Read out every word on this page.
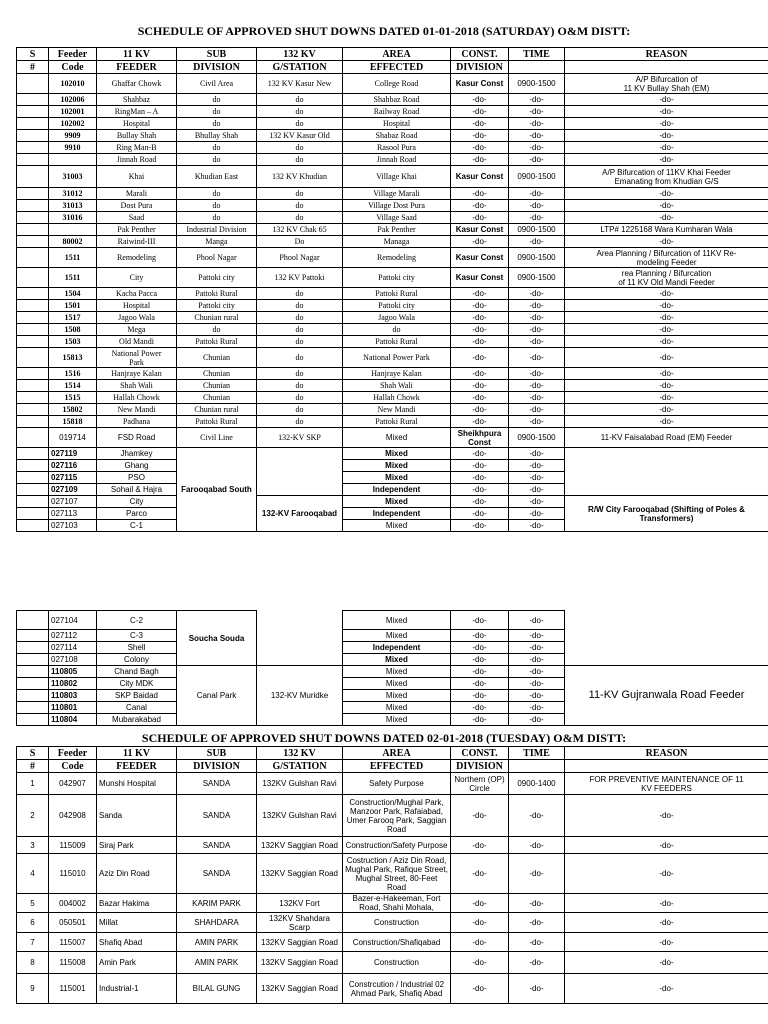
SCHEDULE OF APPROVED SHUT DOWNS DATED 01-01-2018 (SATURDAY) O&M DISTT:
S	Feeder	11 KV	SUB	132 KV	AREA	CONST.	TIME	REASON
#	Code	FEEDER	DIVISION	G/STATION	EFFECTED	DIVISION		
	102010	Ghaffar Chowk	Civil Area	132 KV Kasur New	College Road	Kasur Const	0900-1500	A/P Bifurcation of
11 KV Bullay Shah (EM)
	102006	Shahbaz	do	do	Shahbaz Road	-do-	-do-	-do-
	102001	RingMan – A	do	do	Railway Road	-do-	-do-	-do-
	102002	Hospital	do	do	Hospital	-do-	-do-	-do-
	9909	Bullay Shah	Bhullay Shah	132 KV Kasur Old	Shabaz Road	-do-	-do-	-do-
	9910	Ring Man-B	do	do	Rasool Pura	-do-	-do-	-do-
		Jinnah Road	do	do	Jinnah Road	-do-	-do-	-do-
	31003	Khai	Khudian East	132 KV Khudian	Village Khai	Kasur Const	0900-1500	A/P Bifurcation of 11KV Khai Feeder
Emanating from Khudian G/S
	31012	Marali	do	do	Village Marali	-do-	-do-	-do-
	31013	Dost Pura	do	do	Village Dost Pura	-do-	-do-	-do-
	31016	Saad	do	do	Village Saad	-do-	-do-	-do-
		Pak Penther	Industrial Division	132 KV Chak 65	Pak Penther	Kasur Const	0900-1500	LTP# 1225168 Wara Kumharan Wala
	80002	Raiwind-III	Manga	Do	Managa	-do-	-do-	-do-
	1511	Remodeling	Phool Nagar	Phool Nagar	Remodeling	Kasur Const	0900-1500	Area Planning / Bifurcation of 11KV Re-
modeling Feeder
	1511	City	Pattoki city	132 KV Pattoki	Pattoki city	Kasur Const	0900-1500	rea Planning / Bifurcation
of 11 KV Old Mandi Feeder
	1504	Kacha Pacca	Pattoki Rural	do	Pattoki Rural	-do-	-do-	-do-
	1501	Hospital	Pattoki city	do	Pattoki city	-do-	-do-	-do-
	1517	Jagoo Wala	Chunian rural	do	Jagoo Wala	-do-	-do-	-do-
	1508	Mega	do	do	do	-do-	-do-	-do-
	1503	Old Mandi	Pattoki Rural	do	Pattoki Rural	-do-	-do-	-do-
	15813	National Power
Park	Chunian	do	National Power Park	-do-	-do-	-do-
	1516	Hanjraye Kalan	Chunian	do	Hanjraye Kalan	-do-	-do-	-do-
	1514	Shah Wali	Chunian	do	Shah Wali	-do-	-do-	-do-
	1515	Hallah Chowk	Chunian	do	Hallah Chowk	-do-	-do-	-do-
	15802	New Mandi	Chunian rural	do	New Mandi	-do-	-do-	-do-
	15818	Padhana	Pattoki Rural	do	Pattoki Rural	-do-	-do-	-do-
	019714	FSD Road	Civil Line	132-KV SKP	Mixed	Sheikhpura
Const	0900-1500	11-KV Faisalabad Road (EM) Feeder
	027119	Jhamkey	Farooqabad South		Mixed	-do-	-do-	
	027116	Ghang			Mixed	-do-	-do-	
	027115	PSO			Mixed	-do-	-do-	
	027109	Sohail & Hajra			Independent	-do-	-do-	
	027107	City		132-KV Farooqabad	Mixed	-do-	-do-	R/W City Farooqabad (Shifting of Poles &
Transformers)
	027113	Parco			Independent	-do-	-do-	
	027103	C-1			Mixed	-do-	-do-	
	027104	C-2	Soucha Souda		Mixed	-do-	-do-	
	027112	C-3			Mixed	-do-	-do-	
	027114	Shell			Independent	-do-	-do-	
	027108	Colony			Mixed	-do-	-do-	
	110805	Chand Bagh	Canal Park	132-KV Muridke	Mixed	-do-	-do-	11-KV Gujranwala Road Feeder
	110802	City MDK			Mixed	-do-	-do-	
	110803	SKP Baidad			Mixed	-do-	-do-	
	110801	Canal			Mixed	-do-	-do-	
	110804	Mubarakabad			Mixed	-do-	-do-	
SCHEDULE OF APPROVED SHUT DOWNS DATED 02-01-2018 (TUESDAY) O&M DISTT:
S	Feeder	11 KV	SUB	132 KV	AREA	CONST.	TIME	REASON
#	Code	FEEDER	DIVISION	G/STATION	EFFECTED	DIVISION		
1	042907	Munshi Hospital	SANDA	132KV Gulshan Ravi	Safety Purpose	Northern (OP)
Circle	0900-1400	FOR PREVENTIVE MAINTENANCE OF 11
KV FEEDERS
2	042908	Sanda	SANDA	132KV Gulshan Ravi	Construction/Mughal Park,
Manzoor Park, Rafaiabad,
Umer Farooq Park, Saggian
Road	-do-	-do-	-do-
3	115009	Siraj Park	SANDA	132KV Saggian Road	Construction/Safety Purpose	-do-	-do-	-do-
4	115010	Aziz Din Road	SANDA	132KV Saggian Road	Costruction / Aziz Din Road,
Mughal Park, Rafique Street,
Mughal Street, 80-Feet Road	-do-	-do-	-do-
5	004002	Bazar Hakima	KARIM PARK	132KV Fort	Bazer-e-Hakeeman, Fort
Road, Shahi Mohala,	-do-	-do-	-do-
6	050501	Millat	SHAHDARA	132KV Shahdara
Scarp	Construction	-do-	-do-	-do-
7	115007	Shafiq Abad	AMIN PARK	132KV Saggian Road	Construction/Shafiqabad	-do-	-do-	-do-
8	115008	Amin Park	AMIN PARK	132KV Saggian Road	Construction	-do-	-do-	-do-
9	115001	Industrial-1	BILAL GUNG	132KV Saggian Road	Constrcution / Industrial 02
Ahmad Park, Shafiq Abad	-do-	-do-	-do-
